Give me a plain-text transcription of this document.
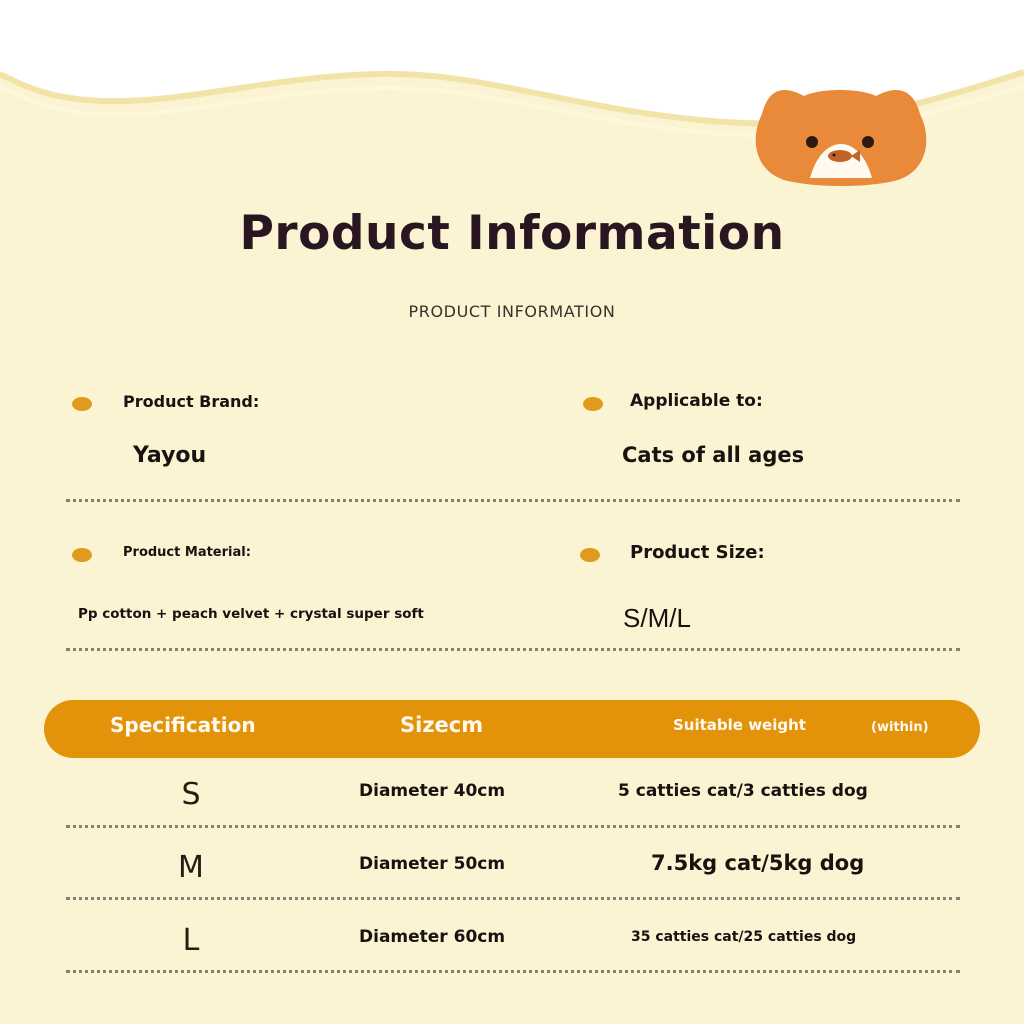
Product Information
PRODUCT INFORMATION
Product Brand:
Yayou
Applicable to:
Cats of all ages
Product Material:
Pp cotton + peach velvet + crystal super soft
Product Size:
S/M/L
Specification	Sizecm	Suitable weight	(within)
S	Diameter 40cm	5 catties cat/3 catties dog
M	Diameter 50cm	7.5kg cat/5kg dog
L	Diameter 60cm	35 catties cat/25 catties dog
